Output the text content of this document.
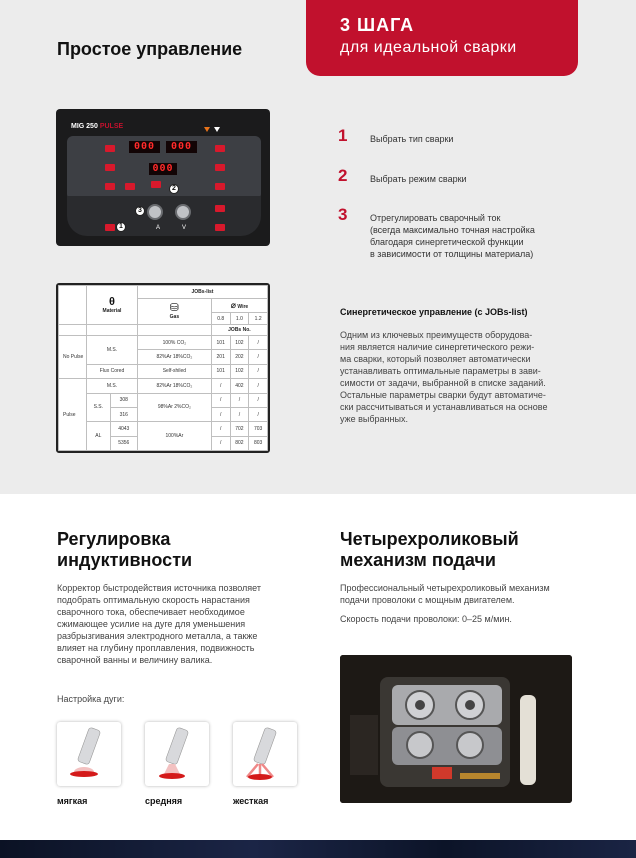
Простое управление
3 ШАГА
для идеальной сварки
MIG 250 PULSE
000	000
000
2
3
1	A	V
1	Выбрать тип сварки
2	Выбрать режим сварки
3	Отрегулировать сварочный ток
(всегда максимально точная настройка
благодаря синергетической функции
в зависимости от толщины материала)

	θ
Material		JOBs-list			

			⛁
Gas	⌀ Wire		
				0.8	1.0	1.2
				JOBs No.		
No Pulse	M.S.		100% CO₂	101	102	/
			82%Ar 18%CO₂	201	202	/
	Flux Cored		Self-shiled	101	102	/
Pulse	M.S.		82%Ar 18%CO₂	/	402	/
	S.S.	308	98%Ar 2%CO₂	/	/	/
		316		/	/	/
	AL	4043	100%Ar	/	702	703
		5356		/	802	803
Синергетическое управление (с JOBs-list)
Одним из ключевых преимуществ оборудова-
ния является наличие синергетического режи-
ма сварки, который позволяет автоматически
устанавливать оптимальные параметры в зави-
симости от задачи, выбранной в списке заданий.
Остальные параметры сварки будут автоматиче-
ски рассчитываться и устанавливаться на основе
уже выбранных.
Регулировка
индуктивности
Корректор быстродействия источника позволяет
подобрать оптимальную скорость нарастания
сварочного тока, обеспечивает необходимое
сжимающее усилие на дуге для уменьшения
разбрызгивания электродного металла, а также
влияет на глубину проплавления, подвижность
сварочной ванны и величину валика.
Настройка дуги:
мягкая	средняя	жесткая
Четырехроликовый
механизм подачи
Профессиональный четырехроликовый механизм
подачи проволоки с мощным двигателем.
Скорость подачи проволоки: 0–25 м/мин.
